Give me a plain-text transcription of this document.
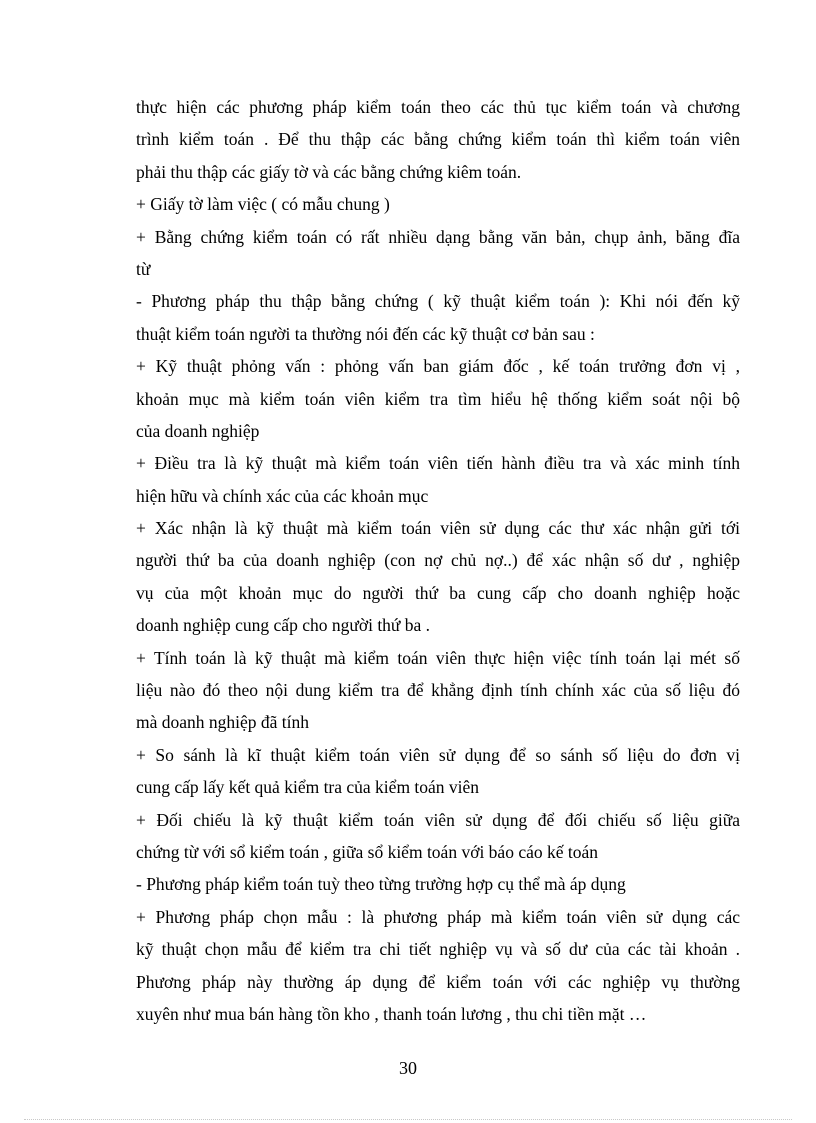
thực hiện các phương pháp kiểm toán theo các thủ tục kiểm toán và chương
trình kiểm toán . Để thu thập các bằng chứng kiểm toán thì kiểm toán viên
phải thu thập các giấy tờ và các bằng chứng kiêm toán.
+ Giấy tờ làm việc ( có mẫu chung )
+ Bằng chứng kiểm toán có rất nhiều dạng bằng văn bản, chụp ảnh, băng đĩa
từ
- Phương pháp thu thập bằng chứng ( kỹ thuật kiểm toán ): Khi nói đến kỹ
thuật kiểm toán người ta thường nói đến các kỹ thuật cơ bản sau :
+ Kỹ thuật phỏng vấn : phỏng vấn ban giám đốc , kế toán trưởng đơn vị ,
khoản mục mà kiểm toán viên kiểm tra tìm hiểu hệ thống kiểm soát nội bộ
của doanh nghiệp
+ Điều tra là kỹ thuật mà kiểm toán viên tiến hành điều tra và xác minh tính
hiện hữu và chính xác của các khoản mục
+ Xác nhận là kỹ thuật mà kiểm toán viên sử dụng các thư xác nhận gửi tới
người thứ ba của doanh nghiệp (con nợ chủ nợ..) để xác nhận số dư , nghiệp
vụ của một khoản mục do người thứ ba cung cấp cho doanh nghiệp hoặc
doanh nghiệp cung cấp cho người thứ ba .
+ Tính toán là kỹ thuật mà kiểm toán viên thực hiện việc tính toán lại mét số
liệu nào đó theo nội dung kiểm tra để khẳng định tính chính xác của số liệu đó
mà doanh nghiệp đã tính
+ So sánh là kĩ thuật kiểm toán viên sử dụng để so sánh số liệu do đơn vị
cung cấp lấy kết quả kiểm tra của kiểm toán viên
+ Đối chiếu là kỹ thuật kiểm toán viên sử dụng để đối chiếu số liệu giữa
chứng từ với sổ kiểm toán , giữa sổ kiểm toán với báo cáo kế toán
- Phương pháp kiểm toán tuỳ theo từng trường hợp cụ thể mà áp dụng
+ Phương pháp chọn mẫu : là phương pháp mà kiểm toán viên sử dụng các
kỹ thuật chọn mẫu để kiểm tra chi tiết nghiệp vụ và số dư của các tài khoản .
Phương pháp này thường áp dụng để kiểm toán với các nghiệp vụ thường
xuyên như mua bán hàng tồn kho , thanh toán lương , thu chi tiền mặt …
30
